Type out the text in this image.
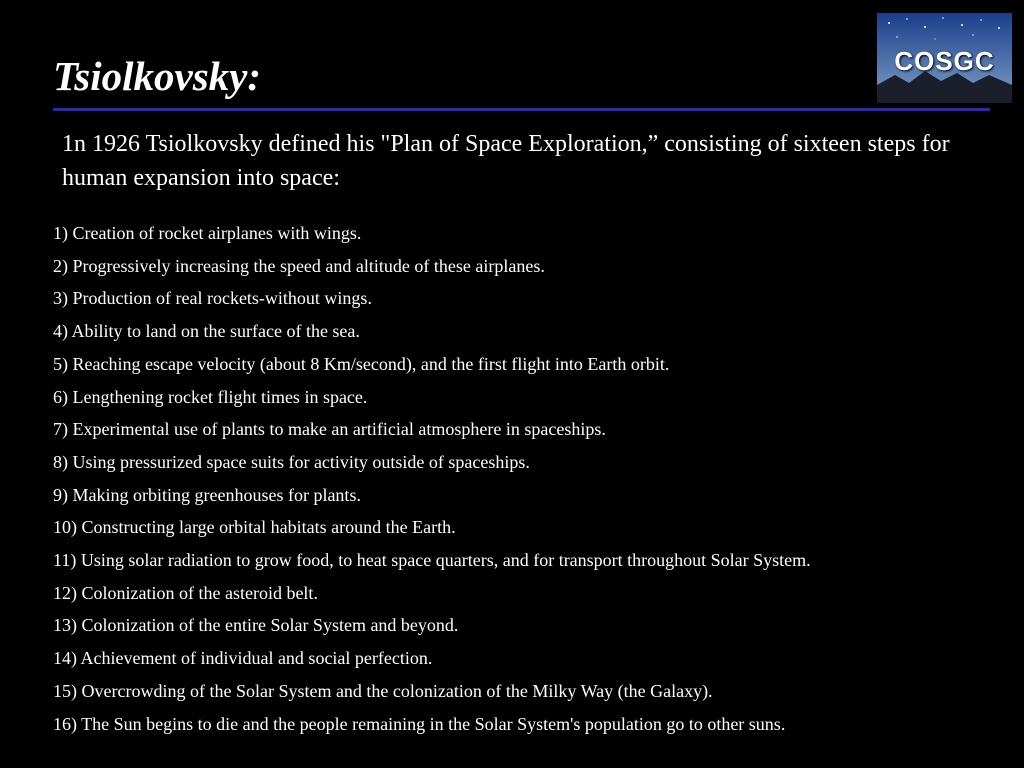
Tsiolkovsky:	COSGC

1n 1926 Tsiolkovsky defined his "Plan of Space Exploration,” consisting of sixteen steps for human expansion into space:

1) Creation of rocket airplanes with wings.
2) Progressively increasing the speed and altitude of these airplanes.
3) Production of real rockets-without wings.
4) Ability to land on the surface of the sea.
5) Reaching escape velocity (about 8 Km/second), and the first flight into Earth orbit.
6) Lengthening rocket flight times in space.
7) Experimental use of plants to make an artificial atmosphere in spaceships.
8) Using pressurized space suits for activity outside of spaceships.
9) Making orbiting greenhouses for plants.
10) Constructing large orbital habitats around the Earth.
11) Using solar radiation to grow food, to heat space quarters, and for transport throughout Solar System.
12) Colonization of the asteroid belt.
13) Colonization of the entire Solar System and beyond.
14) Achievement of individual and social perfection.
15) Overcrowding of the Solar System and the colonization of the Milky Way (the Galaxy).
16) The Sun begins to die and the people remaining in the Solar System's population go to other suns.
